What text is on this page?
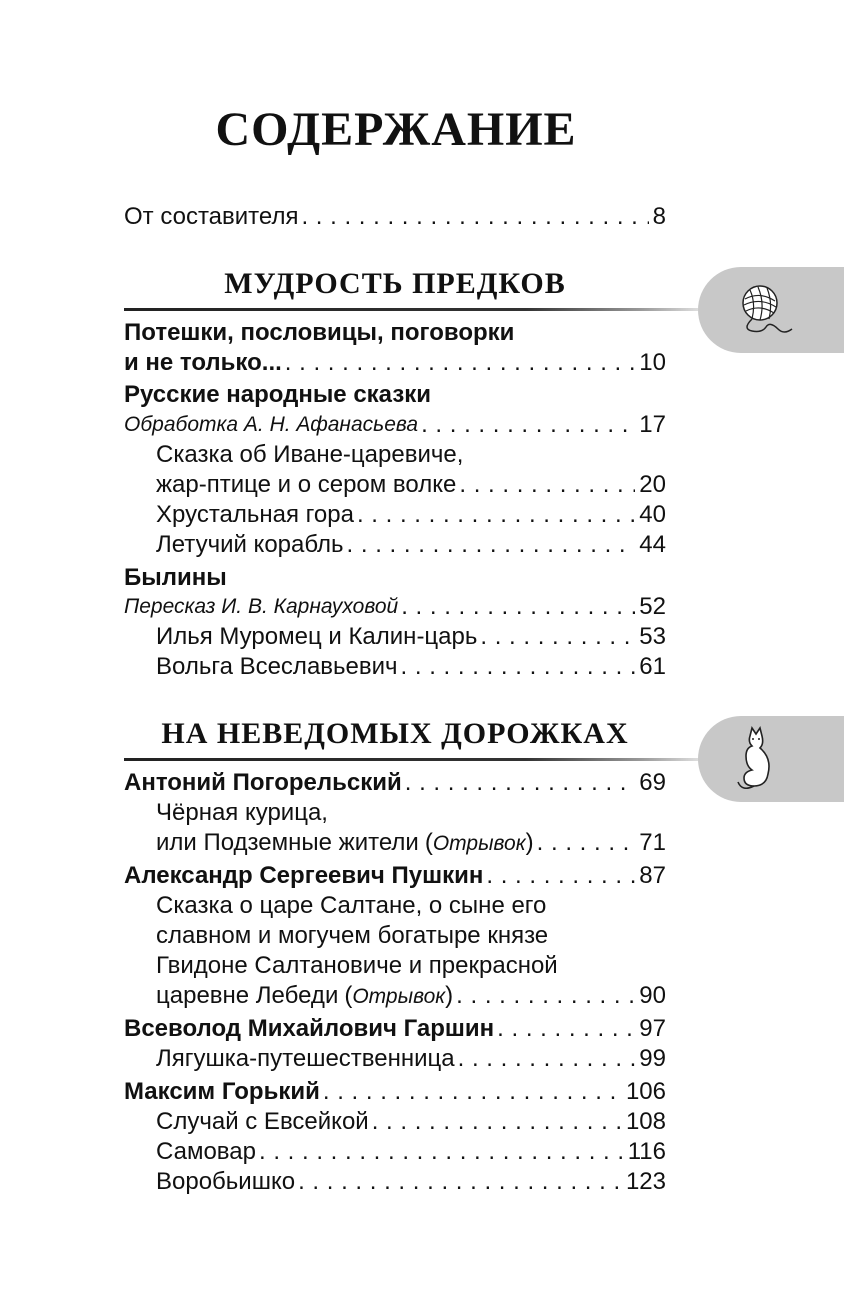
СОДЕРЖАНИЕ
От составителя . . .	8
МУДРОСТЬ ПРЕДКОВ
Потешки, пословицы, поговорки
и не только... . . .	10
Русские народные сказки
Обработка А. Н. Афанасьева . . .	17
Сказка об Иване-царевиче,
жар-птице и о сером волке . . .	20
Хрустальная гора . . .	40
Летучий корабль . . .	44
Былины
Пересказ И. В. Карнауховой . . .	52
Илья Муромец и Калин-царь . . .	53
Вольга Всеславьевич . . .	61
НА НЕВЕДОМЫХ ДОРОЖКАХ
Антоний Погорельский . . .	69
Чёрная курица,
или Подземные жители (Отрывок) . . .	71
Александр Сергеевич Пушкин . . .	87
Сказка о царе Салтане, о сыне его
славном и могучем богатыре князе
Гвидоне Салтановиче и прекрасной
царевне Лебеди (Отрывок) . . .	90
Всеволод Михайлович Гаршин . . .	97
Лягушка-путешественница . . .	99
Максим Горький . . .	106
Случай с Евсейкой . . .	108
Самовар . . .	116
Воробьишко . . .	123
